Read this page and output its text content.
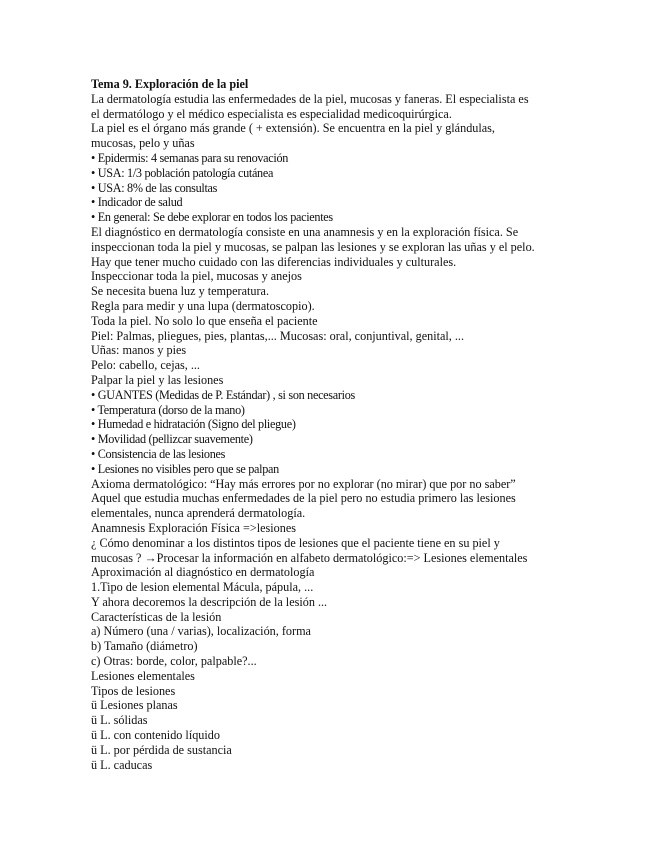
Tema 9. Exploración de la piel
La dermatología estudia las enfermedades de la piel, mucosas y faneras. El especialista es
el dermatólogo y el médico especialista es especialidad medicoquirúrgica.
La piel es el órgano más grande ( + extensión). Se encuentra en la piel y glándulas,
mucosas, pelo y uñas
• Epidermis: 4 semanas para su renovación
• USA: 1/3 población patología cutánea
• USA: 8% de las consultas
• Indicador de salud
• En general: Se debe explorar en todos los pacientes
El diagnóstico en dermatología consiste en una anamnesis y en la exploración física. Se
inspeccionan toda la piel y mucosas, se palpan las lesiones y se exploran las uñas y el pelo.
Hay que tener mucho cuidado con las diferencias individuales y culturales.
Inspeccionar toda la piel, mucosas y anejos
Se necesita buena luz y temperatura.
Regla para medir y una lupa (dermatoscopio).
Toda la piel. No solo lo que enseña el paciente
Piel: Palmas, pliegues, pies, plantas,... Mucosas: oral, conjuntival, genital, ...
Uñas: manos y pies
Pelo: cabello, cejas, ...
Palpar la piel y las lesiones
• GUANTES (Medidas de P. Estándar) , si son necesarios
• Temperatura (dorso de la mano)
• Humedad e hidratación (Signo del pliegue)
• Movilidad (pellizcar suavemente)
• Consistencia de las lesiones
• Lesiones no visibles pero que se palpan
Axioma dermatológico: “Hay más errores por no explorar (no mirar) que por no saber”
Aquel que estudia muchas enfermedades de la piel pero no estudia primero las lesiones
elementales, nunca aprenderá dermatología.
Anamnesis Exploración Física =>lesiones
¿ Cómo denominar a los distintos tipos de lesiones que el paciente tiene en su piel y
mucosas ? →Procesar la información en alfabeto dermatológico:=> Lesiones elementales
Aproximación al diagnóstico en dermatología
1.Tipo de lesion elemental Mácula, pápula, ...
Y ahora decoremos la descripción de la lesión ...
Características de la lesión
a) Número (una / varias), localización, forma
b) Tamaño (diámetro)
c) Otras: borde, color, palpable?...
Lesiones elementales
Tipos de lesiones
ü Lesiones planas
ü L. sólidas
ü L. con contenido líquido
ü L. por pérdida de sustancia
ü L. caducas
